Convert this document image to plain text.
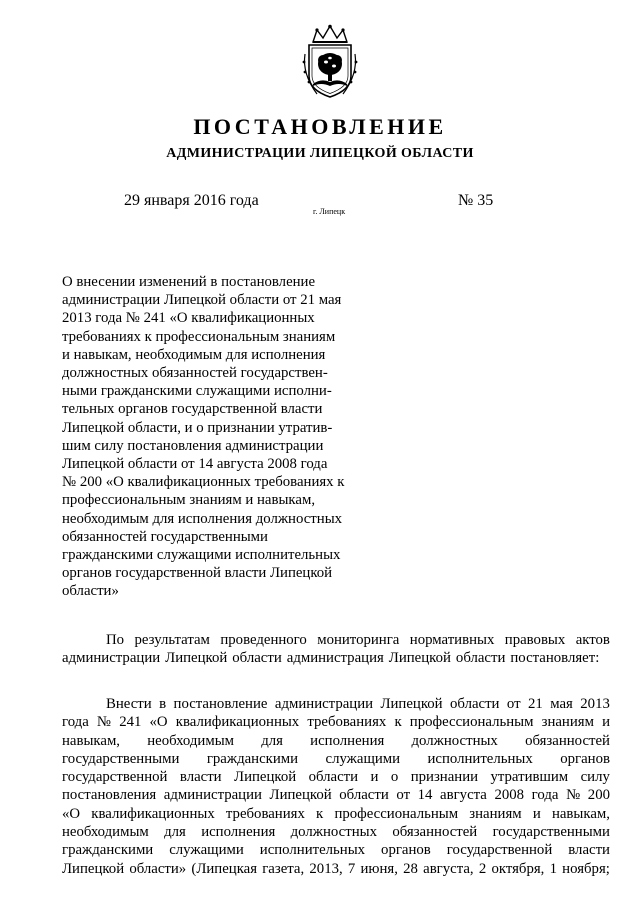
ПОСТАНОВЛЕНИЕ
АДМИНИСТРАЦИИ ЛИПЕЦКОЙ ОБЛАСТИ
29 января 2016 года
г. Липецк
№ 35
О внесении изменений в постановление
администрации Липецкой области от 21 мая
2013 года № 241 «О квалификационных
требованиях к профессиональным знаниям
и навыкам, необходимым для исполнения
должностных обязанностей государствен-
ными гражданскими служащими исполни-
тельных органов государственной власти
Липецкой области, и о признании утратив-
шим силу постановления администрации
Липецкой области от 14 августа 2008 года
№ 200 «О квалификационных требованиях к
профессиональным знаниям и навыкам,
необходимым для исполнения должностных
обязанностей государственными
гражданскими служащими исполнительных
органов государственной власти Липецкой
области»
По результатам проведенного мониторинга нормативных правовых актов
администрации Липецкой области администрация Липецкой области постановляет:
Внести в постановление администрации Липецкой области от 21 мая 2013
года № 241 «О квалификационных требованиях к профессиональным знаниям и
навыкам, необходимым для исполнения должностных обязанностей
государственными гражданскими служащими исполнительных органов
государственной власти Липецкой области и о признании утратившим силу
постановления администрации Липецкой области от 14 августа 2008 года № 200
«О квалификационных требованиях к профессиональным знаниям и навыкам,
необходимым для исполнения должностных обязанностей государственными
гражданскими служащими исполнительных органов государственной власти
Липецкой области» (Липецкая газета, 2013, 7 июня, 28 августа, 2 октября, 1 ноября;
